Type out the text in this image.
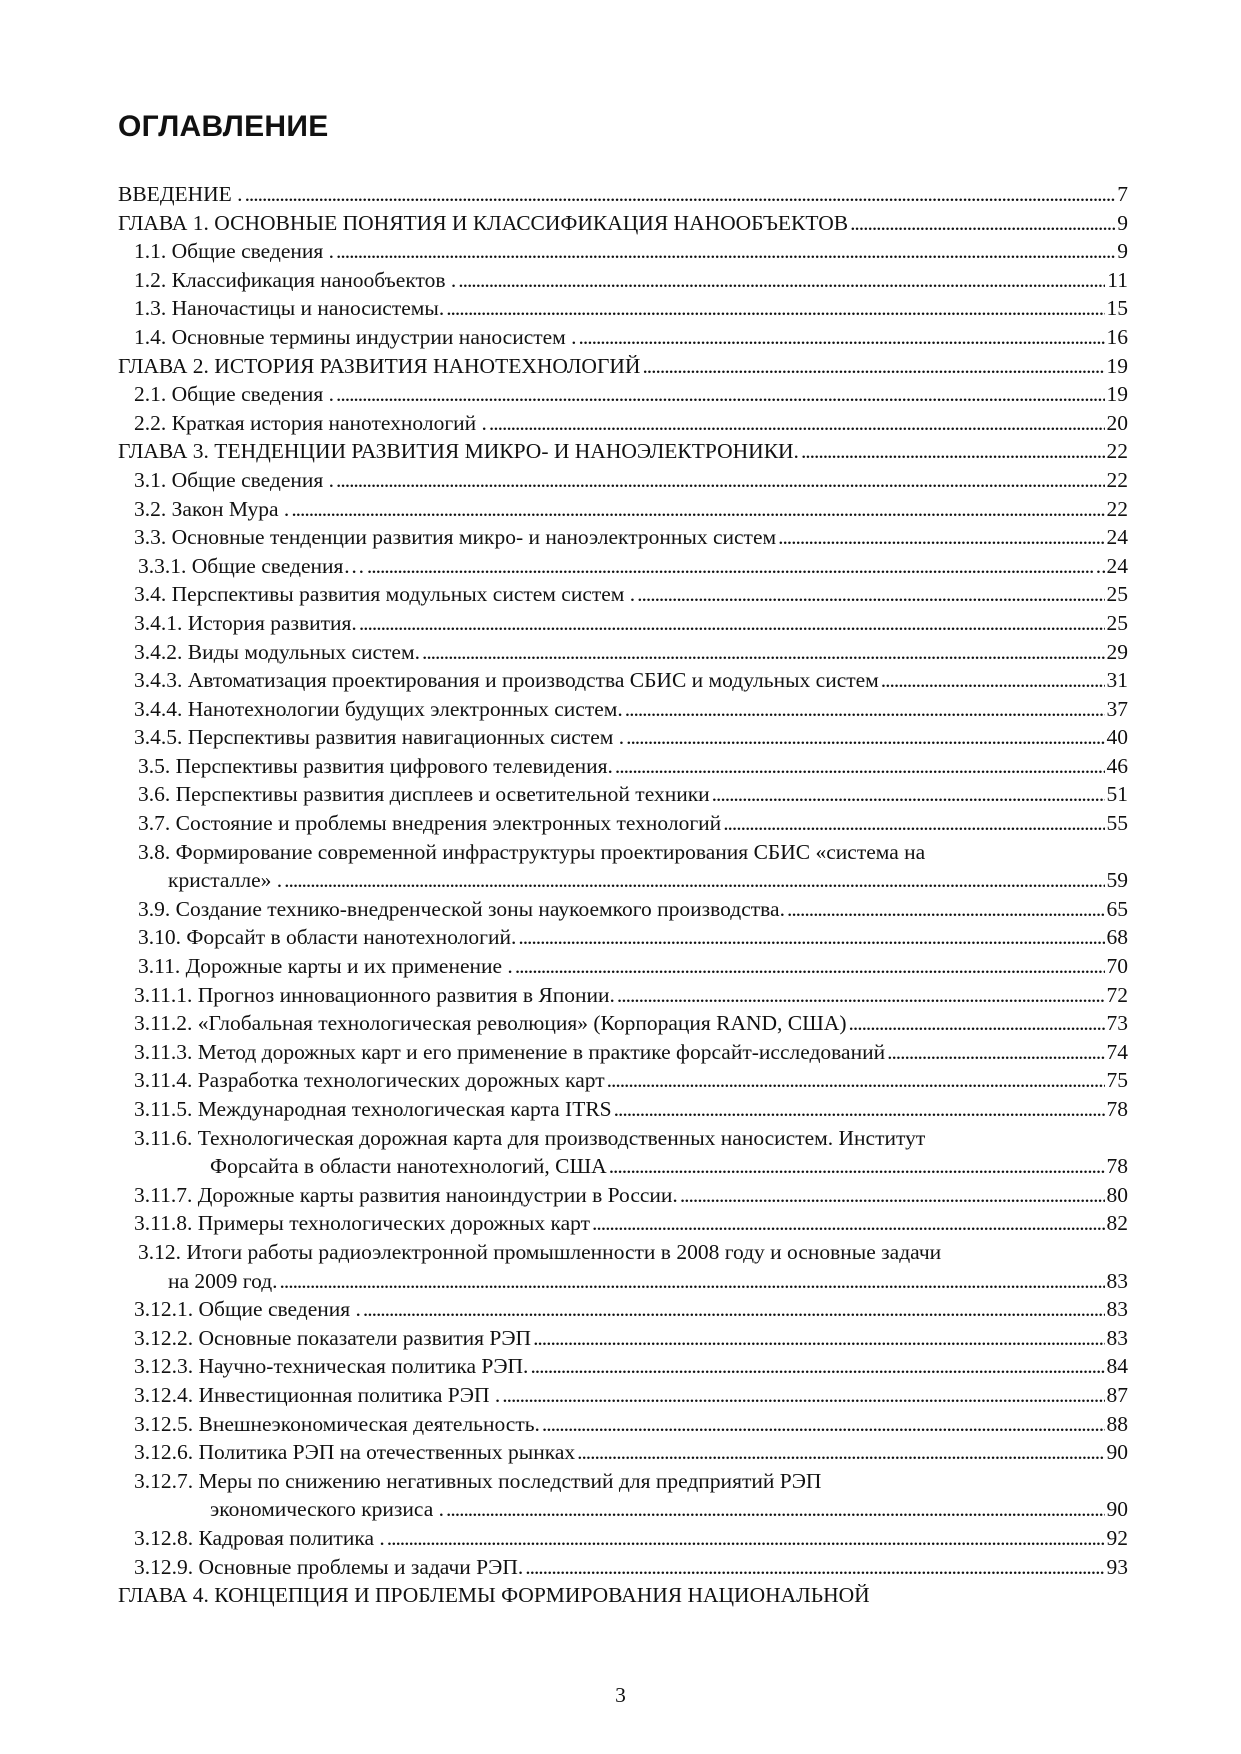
ОГЛАВЛЕНИЕ
ВВЕДЕНИЕ . . . .	7
ГЛАВА 1. ОСНОВНЫЕ ПОНЯТИЯ И КЛАССИФИКАЦИЯ НАНООБЪЕКТОВ . . .	9
1.1. Общие сведения . . . .	9
1.2. Классификация нанообъектов . . . .	11
1.3. Наночастицы и наносистемы. . . .	15
1.4. Основные термины индустрии наносистем . . . .	16
ГЛАВА 2. ИСТОРИЯ РАЗВИТИЯ НАНОТЕХНОЛОГИЙ . . .	19
2.1. Общие сведения . . . .	19
2.2. Краткая история нанотехнологий . . . .	20
ГЛАВА 3. ТЕНДЕНЦИИ РАЗВИТИЯ МИКРО- И НАНОЭЛЕКТРОНИКИ. . . .	22
3.1. Общие сведения . . . .	22
3.2. Закон Мура . . . .	22
3.3. Основные тенденции развития микро- и наноэлектронных систем . . .	24
3.3.1. Общие сведения… . . .	..24
3.4. Перспективы развития модульных систем систем . . . .	25
3.4.1. История развития. . . .	25
3.4.2. Виды модульных систем. . . .	29
3.4.3. Автоматизация проектирования и производства СБИС и модульных систем . . .	31
3.4.4. Нанотехнологии будущих электронных систем. . . .	37
3.4.5. Перспективы развития навигационных систем . . . .	40
3.5. Перспективы развития цифрового телевидения. . . .	46
3.6. Перспективы развития дисплеев и осветительной техники . . .	51
3.7. Состояние и проблемы внедрения электронных технологий . . .	55
3.8. Формирование современной инфраструктуры проектирования СБИС «система на
кристалле» . . . .	59
3.9. Создание технико-внедренческой зоны наукоемкого производства. . . .	65
3.10. Форсайт в области нанотехнологий. . . .	68
3.11. Дорожные карты и их применение . . . .	70
3.11.1. Прогноз инновационного развития в Японии. . . .	72
3.11.2. «Глобальная технологическая революция» (Корпорация RAND, США) . . .	73
3.11.3. Метод дорожных карт и его применение в практике форсайт-исследований . . .	74
3.11.4. Разработка технологических дорожных карт . . .	75
3.11.5. Международная технологическая карта ITRS . . .	78
3.11.6. Технологическая дорожная карта для производственных наносистем. Институт
Форсайта в области нанотехнологий, США . . .	78
3.11.7. Дорожные карты развития наноиндустрии в России. . . .	80
3.11.8. Примеры технологических дорожных карт . . .	82
3.12. Итоги работы радиоэлектронной промышленности в 2008 году и основные задачи
на 2009 год. . . .	83
3.12.1. Общие сведения . . . .	83
3.12.2. Основные показатели развития РЭП . . .	83
3.12.3. Научно-техническая политика РЭП. . . .	84
3.12.4. Инвестиционная политика РЭП . . . .	87
3.12.5. Внешнеэкономическая деятельность. . . .	88
3.12.6. Политика РЭП на отечественных рынках . . .	90
3.12.7. Меры по снижению негативных последствий для предприятий РЭП
экономического кризиса . . . .	90
3.12.8. Кадровая политика . . . .	92
3.12.9. Основные проблемы и задачи РЭП. . . .	93
ГЛАВА 4. КОНЦЕПЦИЯ И ПРОБЛЕМЫ ФОРМИРОВАНИЯ НАЦИОНАЛЬНОЙ
3
